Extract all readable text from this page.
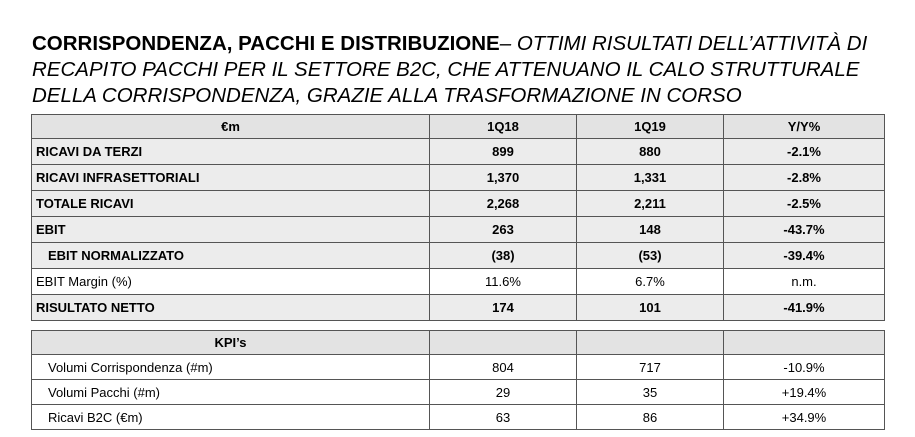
CORRISPONDENZA, PACCHI E DISTRIBUZIONE– OTTIMI RISULTATI DELL’ATTIVITÀ DI RECAPITO PACCHI PER IL SETTORE B2C, CHE ATTENUANO IL CALO STRUTTURALE DELLA CORRISPONDENZA, GRAZIE ALLA TRASFORMAZIONE IN CORSO
€m	1Q18	1Q19	Y/Y%
RICAVI DA TERZI	899	880	-2.1%
RICAVI INFRASETTORIALI	1,370	1,331	-2.8%
TOTALE RICAVI	2,268	2,211	-2.5%
EBIT	263	148	-43.7%
EBIT NORMALIZZATO	(38)	(53)	-39.4%
EBIT Margin (%)	11.6%	6.7%	n.m.
RISULTATO NETTO	174	101	-41.9%
KPI’s			
Volumi Corrispondenza (#m)	804	717	-10.9%
Volumi Pacchi (#m)	29	35	+19.4%
Ricavi B2C (€m)	63	86	+34.9%
